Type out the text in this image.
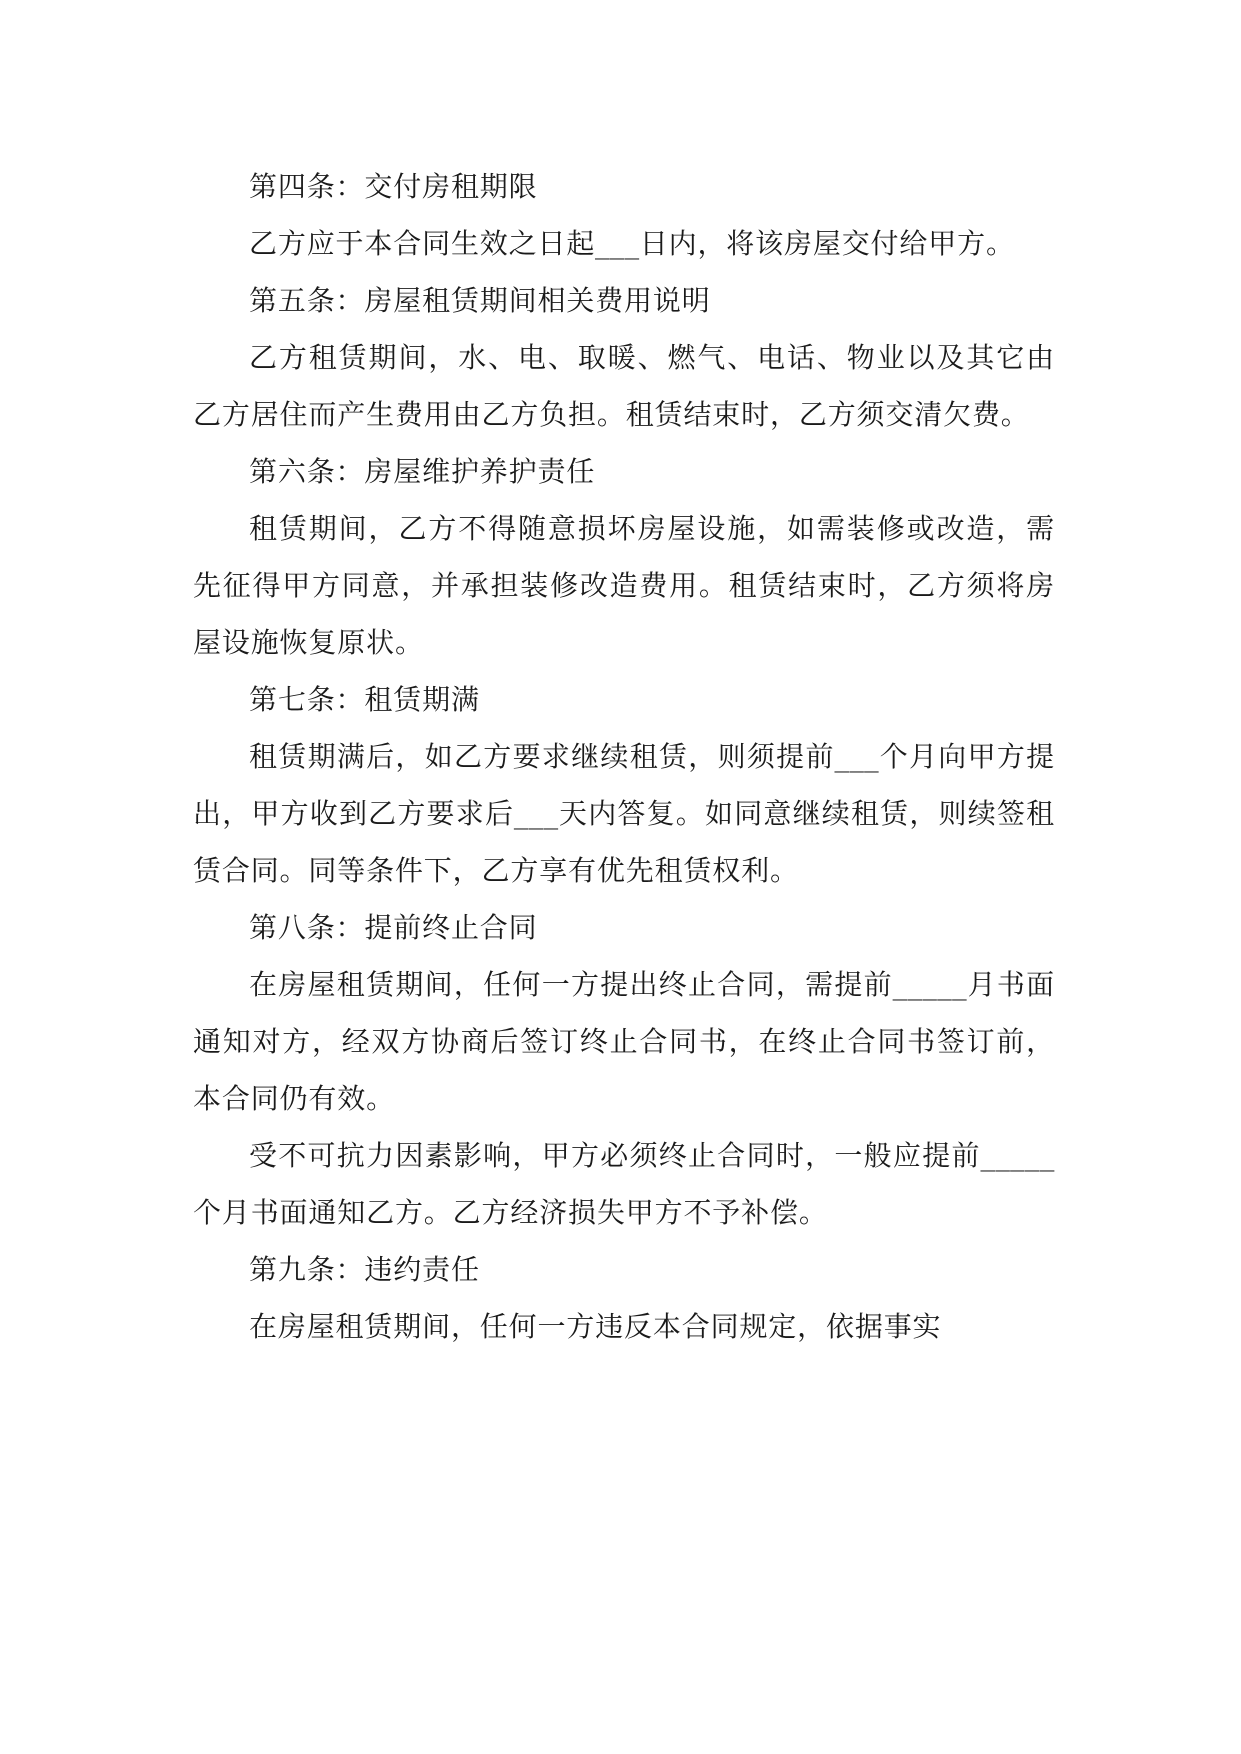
第四条：交付房租期限

乙方应于本合同生效之日起___日内，将该房屋交付给甲方。

第五条：房屋租赁期间相关费用说明

乙方租赁期间，水、电、取暖、燃气、电话、物业以及其它由乙方居住而产生费用由乙方负担。租赁结束时，乙方须交清欠费。

第六条：房屋维护养护责任

租赁期间，乙方不得随意损坏房屋设施，如需装修或改造，需先征得甲方同意，并承担装修改造费用。租赁结束时，乙方须将房屋设施恢复原状。

第七条：租赁期满

租赁期满后，如乙方要求继续租赁，则须提前___个月向甲方提出，甲方收到乙方要求后___天内答复。如同意继续租赁，则续签租赁合同。同等条件下，乙方享有优先租赁权利。

第八条：提前终止合同

在房屋租赁期间，任何一方提出终止合同，需提前_____月书面通知对方，经双方协商后签订终止合同书，在终止合同书签订前，本合同仍有效。

受不可抗力因素影响，甲方必须终止合同时，一般应提前_____个月书面通知乙方。乙方经济损失甲方不予补偿。

第九条：违约责任

在房屋租赁期间，任何一方违反本合同规定，依据事实
